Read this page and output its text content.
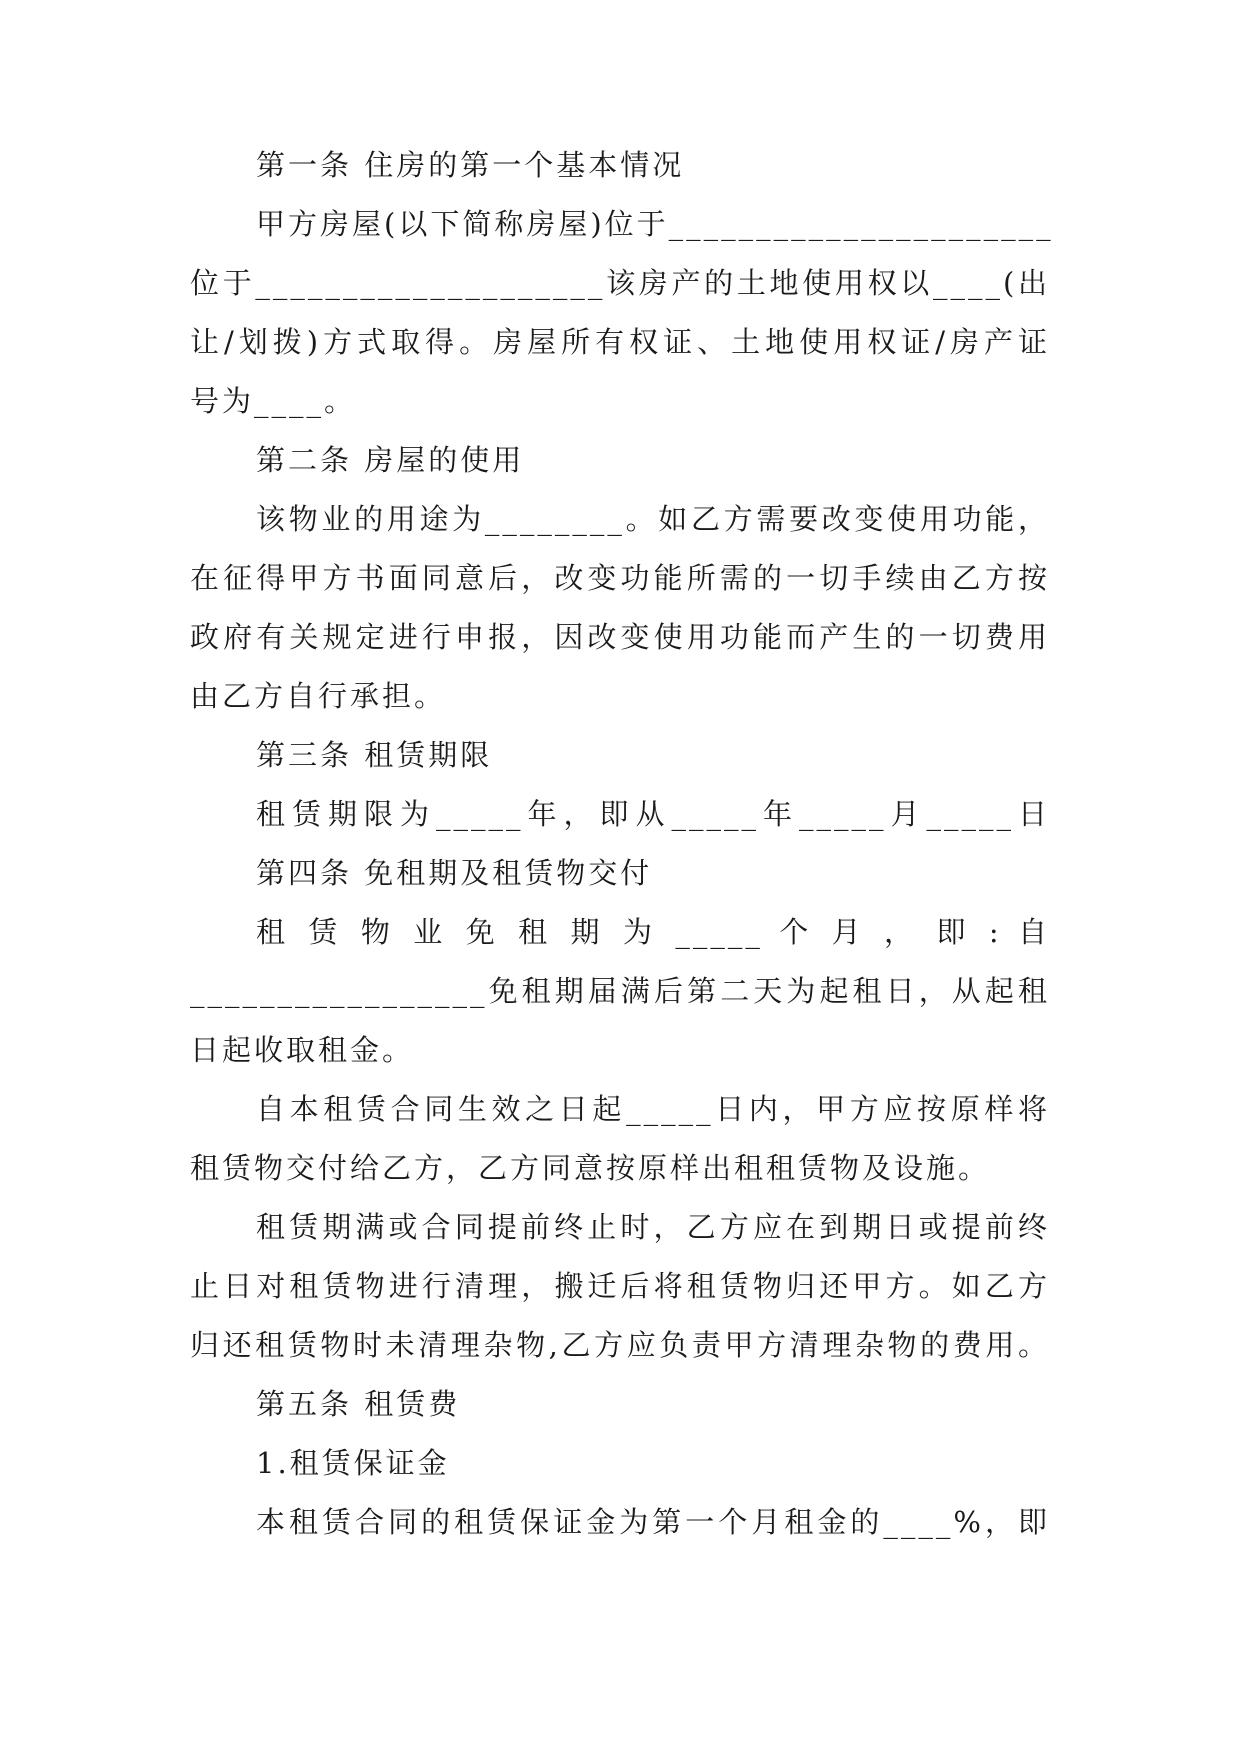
第一条 住房的第一个基本情况
甲方房屋(以下简称房屋)位于______________________
位于____________________该房产的土地使用权以____(出
让/划拨)方式取得。房屋所有权证、土地使用权证/房产证
号为____。
第二条 房屋的使用
该物业的用途为________。如乙方需要改变使用功能，
在征得甲方书面同意后，改变功能所需的一切手续由乙方按
政府有关规定进行申报，因改变使用功能而产生的一切费用
由乙方自行承担。
第三条 租赁期限
租赁期限为_____年，即从_____年_____月_____日
第四条 免租期及租赁物交付
租 赁 物 业 免 租 期 为 _____ 个 月 ， 即 : 自
_________________免租期届满后第二天为起租日，从起租
日起收取租金。
自本租赁合同生效之日起_____日内，甲方应按原样将
租赁物交付给乙方，乙方同意按原样出租租赁物及设施。
租赁期满或合同提前终止时，乙方应在到期日或提前终
止日对租赁物进行清理，搬迁后将租赁物归还甲方。如乙方
归还租赁物时未清理杂物,乙方应负责甲方清理杂物的费用。
第五条 租赁费
1.租赁保证金
本租赁合同的租赁保证金为第一个月租金的____%，即
